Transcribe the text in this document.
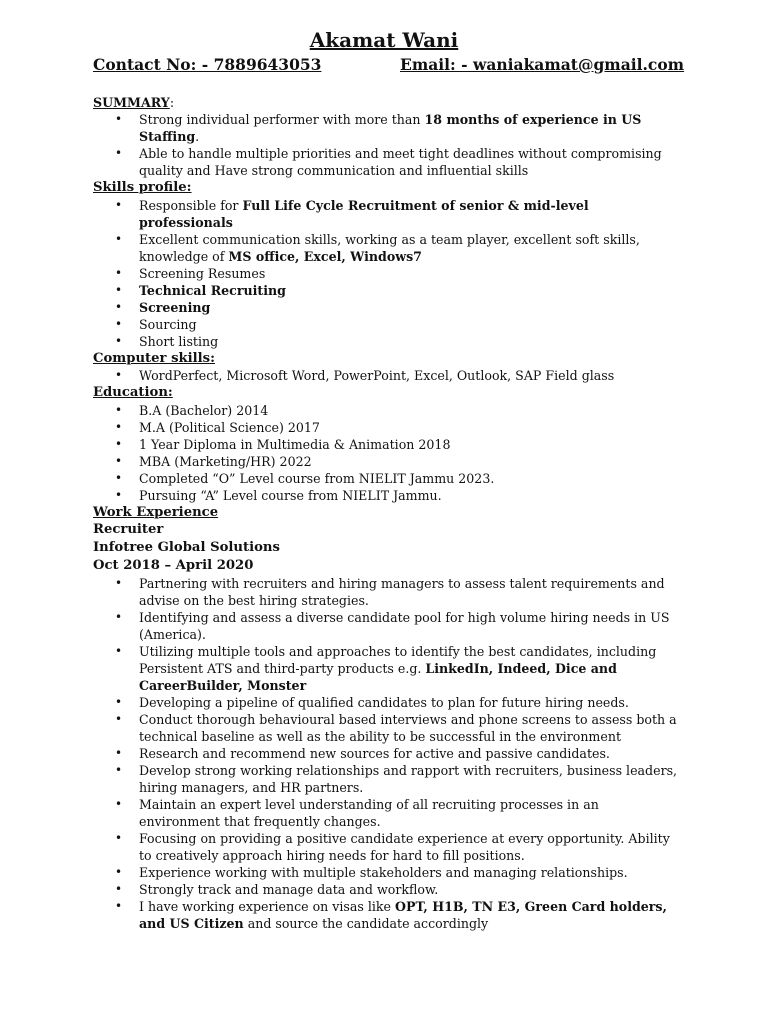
Akamat Wani
Contact No: - 7889643053	Email: - waniakamat@gmail.com
SUMMARY:
• Strong individual performer with more than 18 months of experience in US Staffing.
• Able to handle multiple priorities and meet tight deadlines without compromising quality and Have strong communication and influential skills
Skills profile:
• Responsible for Full Life Cycle Recruitment of senior & mid-level professionals
• Excellent communication skills, working as a team player, excellent soft skills, knowledge of MS office, Excel, Windows7
• Screening Resumes
• Technical Recruiting
• Screening
• Sourcing
• Short listing
Computer skills:
• WordPerfect, Microsoft Word, PowerPoint, Excel, Outlook, SAP Field glass
Education:
• B.A (Bachelor) 2014
• M.A (Political Science) 2017
• 1 Year Diploma in Multimedia & Animation 2018
• MBA (Marketing/HR) 2022
• Completed “O” Level course from NIELIT Jammu 2023.
• Pursuing “A” Level course from NIELIT Jammu.
Work Experience
Recruiter
Infotree Global Solutions
Oct 2018 – April 2020
• Partnering with recruiters and hiring managers to assess talent requirements and advise on the best hiring strategies.
• Identifying and assess a diverse candidate pool for high volume hiring needs in US (America).
• Utilizing multiple tools and approaches to identify the best candidates, including Persistent ATS and third-party products e.g. LinkedIn, Indeed, Dice and CareerBuilder, Monster
• Developing a pipeline of qualified candidates to plan for future hiring needs.
• Conduct thorough behavioural based interviews and phone screens to assess both a technical baseline as well as the ability to be successful in the environment
• Research and recommend new sources for active and passive candidates.
• Develop strong working relationships and rapport with recruiters, business leaders, hiring managers, and HR partners.
• Maintain an expert level understanding of all recruiting processes in an environment that frequently changes.
• Focusing on providing a positive candidate experience at every opportunity. Ability to creatively approach hiring needs for hard to fill positions.
• Experience working with multiple stakeholders and managing relationships.
• Strongly track and manage data and workflow.
• I have working experience on visas like OPT, H1B, TN E3, Green Card holders, and US Citizen and source the candidate accordingly
